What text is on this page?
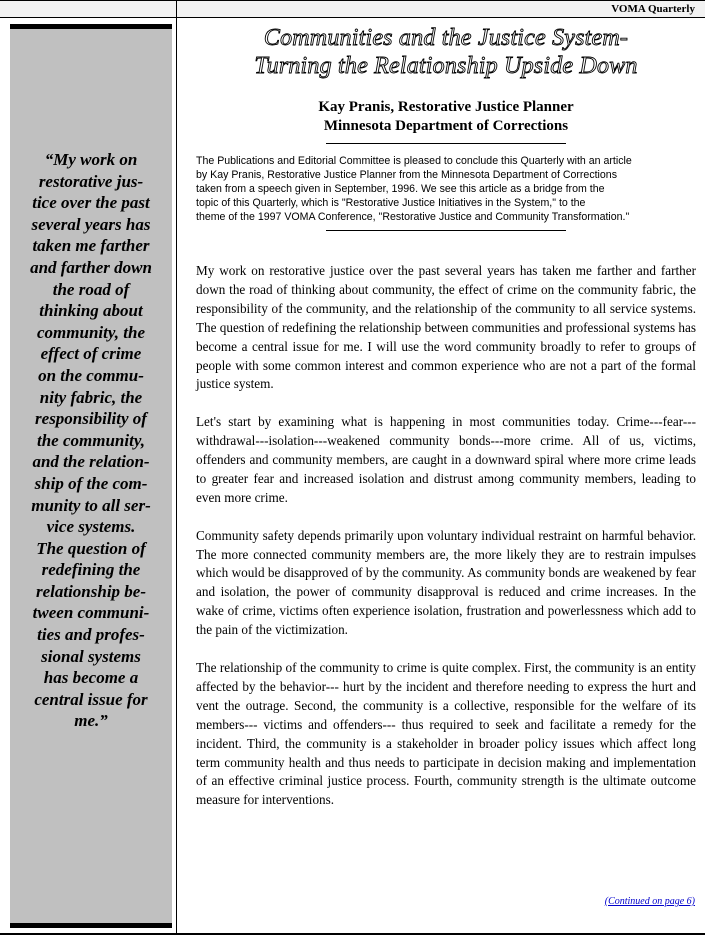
VOMA Quarterly
“My work on
restorative jus-
tice over the past
several years has
taken me farther
and farther down
the road of
thinking about
community, the
effect of crime
on the commu-
nity fabric, the
responsibility of
the community,
and the relation-
ship of the com-
munity to all ser-
vice systems.
The question of
redefining the
relationship be-
tween communi-
ties and profes-
sional systems
has become a
central issue for
me.”
Communities and the Justice System-
Turning the Relationship Upside Down
Kay Pranis, Restorative Justice Planner
Minnesota Department of Corrections
The Publications and Editorial Committee is pleased to conclude this Quarterly with an article
by Kay Pranis, Restorative Justice Planner from the Minnesota Department of Corrections
taken from a speech given in September, 1996. We see this article as a bridge from the
topic of this Quarterly, which is "Restorative Justice Initiatives in the System," to the
theme of the 1997 VOMA Conference, "Restorative Justice and Community Transformation."

My work on restorative justice over the past several years has taken me farther and farther down the road of thinking about community, the effect of crime on the community fabric, the responsibility of the community, and the relationship of the community to all service systems. The question of redefining the relationship between communities and professional systems has become a central issue for me. I will use the word community broadly to refer to groups of people with some common interest and common experience who are not a part of the formal justice system.

Let's start by examining what is happening in most communities today. Crime---fear---withdrawal---isolation---weakened community bonds---more crime. All of us, victims, offenders and community members, are caught in a downward spiral where more crime leads to greater fear and increased isolation and distrust among community members, leading to even more crime.

Community safety depends primarily upon voluntary individual restraint on harmful behavior. The more connected community members are, the more likely they are to restrain impulses which would be disapproved of by the community. As community bonds are weakened by fear and isolation, the power of community disapproval is reduced and crime increases. In the wake of crime, victims often experience isolation, frustration and powerlessness which add to the pain of the victimization.

The relationship of the community to crime is quite complex. First, the community is an entity affected by the behavior--- hurt by the incident and therefore needing to express the hurt and vent the outrage. Second, the community is a collective, responsible for the welfare of its members--- victims and offenders--- thus required to seek and facilitate a remedy for the incident. Third, the community is a stakeholder in broader policy issues which affect long term community health and thus needs to participate in decision making and implementation of an effective criminal justice process. Fourth, community strength is the ultimate outcome measure for interventions.

(Continued on page 6)
